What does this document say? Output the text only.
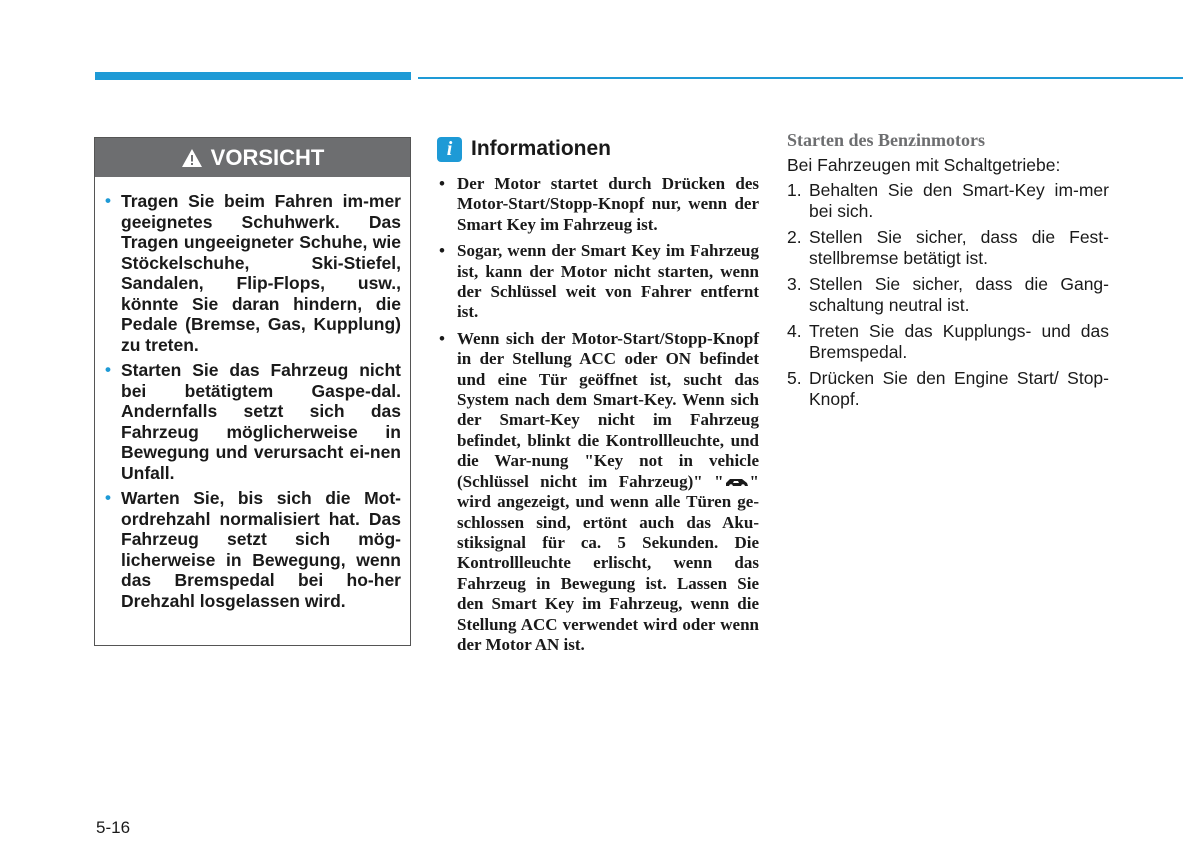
VORSICHT
• Tragen Sie beim Fahren im-mer geeignetes Schuhwerk. Das Tragen ungeeigneter Schuhe, wie Stöckelschuhe, Ski-Stiefel, Sandalen, Flip-Flops, usw., könnte Sie daran hindern, die Pedale (Bremse, Gas, Kupplung) zu treten.
• Starten Sie das Fahrzeug nicht bei betätigtem Gaspe-dal. Andernfalls setzt sich das Fahrzeug möglicherweise in Bewegung und verursacht ei-nen Unfall.
• Warten Sie, bis sich die Mot-ordrehzahl normalisiert hat. Das Fahrzeug setzt sich mög-licherweise in Bewegung, wenn das Bremspedal bei ho-her Drehzahl losgelassen wird.
i Informationen
• Der Motor startet durch Drücken des Motor-Start/Stopp-Knopf nur, wenn der Smart Key im Fahrzeug ist.
• Sogar, wenn der Smart Key im Fahrzeug ist, kann der Motor nicht starten, wenn der Schlüssel weit von Fahrer entfernt ist.
• Wenn sich der Motor-Start/Stopp-Knopf in der Stellung ACC oder ON befindet und eine Tür geöffnet ist, sucht das System nach dem Smart-Key. Wenn sich der Smart-Key nicht im Fahrzeug befindet, blinkt die Kontrollleuchte, und die War-nung "Key not in vehicle (Schlüssel nicht im Fahrzeug)" " " wird angezeigt, und wenn alle Türen ge-schlossen sind, ertönt auch das Aku-stiksignal für ca. 5 Sekunden. Die Kontrollleuchte erlischt, wenn das Fahrzeug in Bewegung ist. Lassen Sie den Smart Key im Fahrzeug, wenn die Stellung ACC verwendet wird oder wenn der Motor AN ist.
Starten des Benzinmotors
Bei Fahrzeugen mit Schaltgetriebe:
1. Behalten Sie den Smart-Key im-mer bei sich.
2. Stellen Sie sicher, dass die Fest-stellbremse betätigt ist.
3. Stellen Sie sicher, dass die Gang-schaltung neutral ist.
4. Treten Sie das Kupplungs- und das Bremspedal.
5. Drücken Sie den Engine Start/ Stop-Knopf.
5-16
